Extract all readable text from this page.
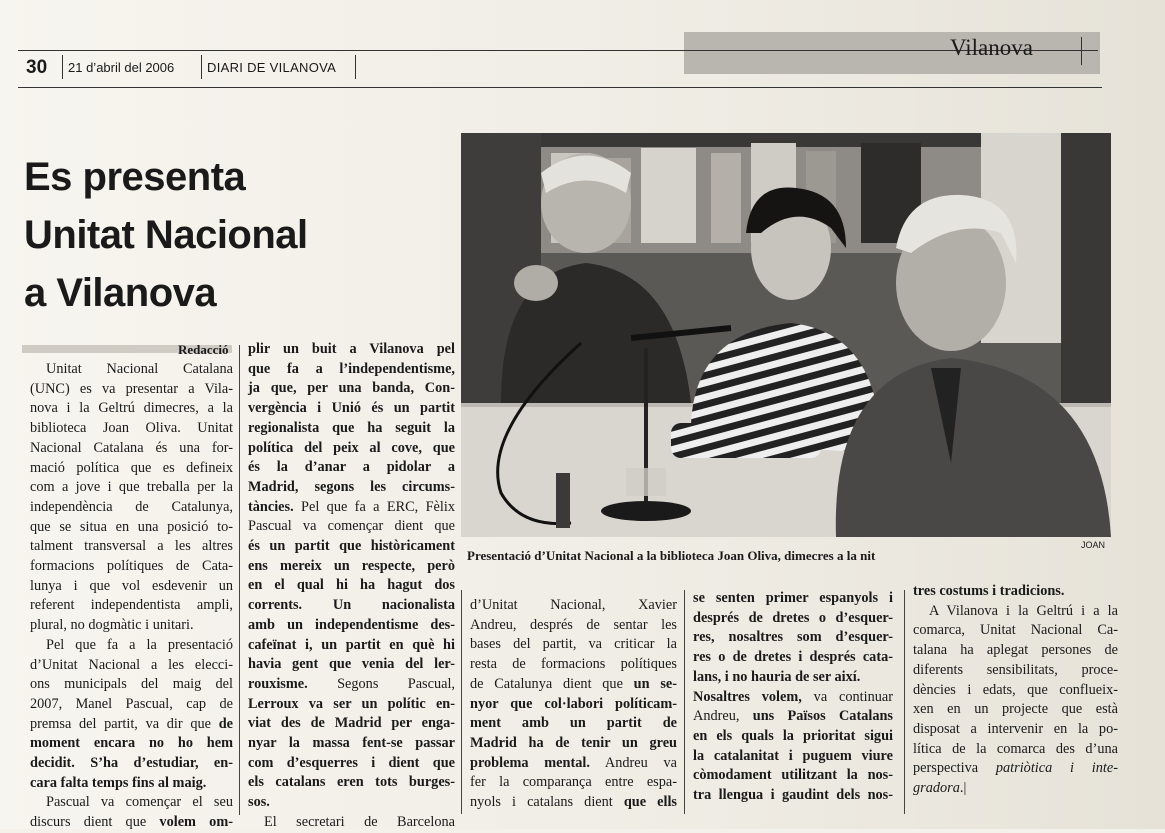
30 21 d’abril del 2006	DIARI DE VILANOVA
Vilanova
Es presenta
Unitat Nacional
a Vilanova
Presentació d’Unitat Nacional a la biblioteca Joan Oliva, dimecres a la nit
JOAN
Redacció
Unitat Nacional Catalana
(UNC) es va presentar a Vila-
nova i la Geltrú dimecres, a la
biblioteca Joan Oliva. Unitat
Nacional Catalana és una for-
mació política que es defineix
com a jove i que treballa per la
independència de Catalunya,
que se situa en una posició to-
talment transversal a les altres
formacions polítiques de Cata-
lunya i que vol esdevenir un
referent independentista ampli,
plural, no dogmàtic i unitari.
Pel que fa a la presentació
d’Unitat Nacional a les elecci-
ons municipals del maig del
2007, Manel Pascual, cap de
premsa del partit, va dir que de
moment encara no ho hem
decidit. S’ha d’estudiar, en-
cara falta temps fins al maig.
Pascual va començar el seu
discurs dient que volem om-
plir un buit a Vilanova pel
que fa a l’independentisme,
ja que, per una banda, Con-
vergència i Unió és un partit
regionalista que ha seguit la
política del peix al cove, que
és la d’anar a pidolar a
Madrid, segons les circums-
tàncies. Pel que fa a ERC, Fèlix
Pascual va començar dient que
és un partit que històricament
ens mereix un respecte, però
en el qual hi ha hagut dos
corrents. Un nacionalista
amb un independentisme des-
cafeïnat i, un partit en què hi
havia gent que venia del ler-
rouxisme. Segons Pascual,
Lerroux va ser un polític en-
viat des de Madrid per enga-
nyar la massa fent-se passar
com d’esquerres i dient que
els catalans eren tots burges-
sos.
El secretari de Barcelona
d’Unitat Nacional, Xavier
Andreu, després de sentar les
bases del partit, va criticar la
resta de formacions polítiques
de Catalunya dient que un se-
nyor que col·labori políticam-
ment amb un partit de
Madrid ha de tenir un greu
problema mental. Andreu va
fer la comparança entre espa-
nyols i catalans dient que ells
se senten primer espanyols i
després de dretes o d’esquer-
res, nosaltres som d’esquer-
res o de dretes i després cata-
lans, i no hauria de ser així.
Nosaltres volem, va continuar
Andreu, uns Països Catalans
en els quals la prioritat sigui
la catalanitat i puguem viure
còmodament utilitzant la nos-
tra llengua i gaudint dels nos-
tres costums i tradicions.
A Vilanova i la Geltrú i a la
comarca, Unitat Nacional Ca-
talana ha aplegat persones de
diferents sensibilitats, proce-
dències i edats, que conflueix-
xen en un projecte que està
disposat a intervenir en la po-
lítica de la comarca des d’una
perspectiva patriòtica i inte-
gradora.|
